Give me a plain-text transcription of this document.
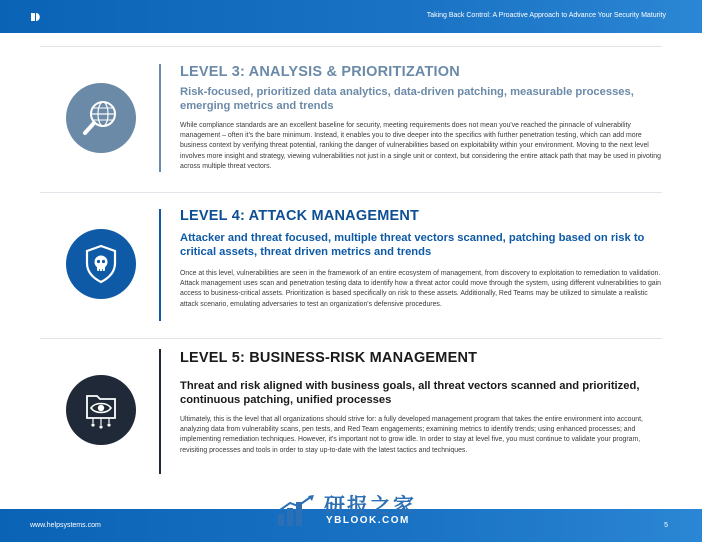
Taking Back Control: A Proactive Approach to Advance Your Security Maturity
LEVEL 3: ANALYSIS & PRIORITIZATION
Risk-focused, prioritized data analytics, data-driven patching, measurable processes, emerging metrics and trends
While compliance standards are an excellent baseline for security, meeting requirements does not mean you've reached the pinnacle of vulnerability management – often it's the bare minimum. Instead, it enables you to dive deeper into the specifics with further penetration testing, which can add more business context by verifying threat potential, ranking the danger of vulnerabilities based on exploitability within your environment. Moving to the next level involves more insight and strategy, viewing vulnerabilities not just in a single unit or context, but considering the entire attack path that may be used in pivoting across multiple threat vectors.
LEVEL 4: ATTACK MANAGEMENT
Attacker and threat focused, multiple threat vectors scanned, patching based on risk to critical assets, threat driven metrics and trends
Once at this level, vulnerabilities are seen in the framework of an entire ecosystem of management, from discovery to exploitation to remediation to validation. Attack management uses scan and penetration testing data to identify how a threat actor could move through the system, using different vulnerabilities to gain access to business-critical assets. Prioritization is based specifically on risk to these assets. Additionally, Red Teams may be utilized to simulate a realistic attack scenario, emulating adversaries to test an organization's defensive procedures.
LEVEL 5: BUSINESS-RISK MANAGEMENT
Threat and risk aligned with business goals, all threat vectors scanned and prioritized, continuous patching, unified processes
Ultimately, this is the level that all organizations should strive for: a fully developed management program that takes the entire environment into account, analyzing data from vulnerability scans, pen tests, and Red Team engagements; examining metrics to identify trends; using enhanced processes; and implementing remediation techniques. However, it's important not to grow idle. In order to stay at level five, you must continue to validate your program, revisiting processes and tools in order to stay up-to-date with the latest tactics and techniques.
www.helpsystems.com	5
研报之家
YBLOOK.COM
